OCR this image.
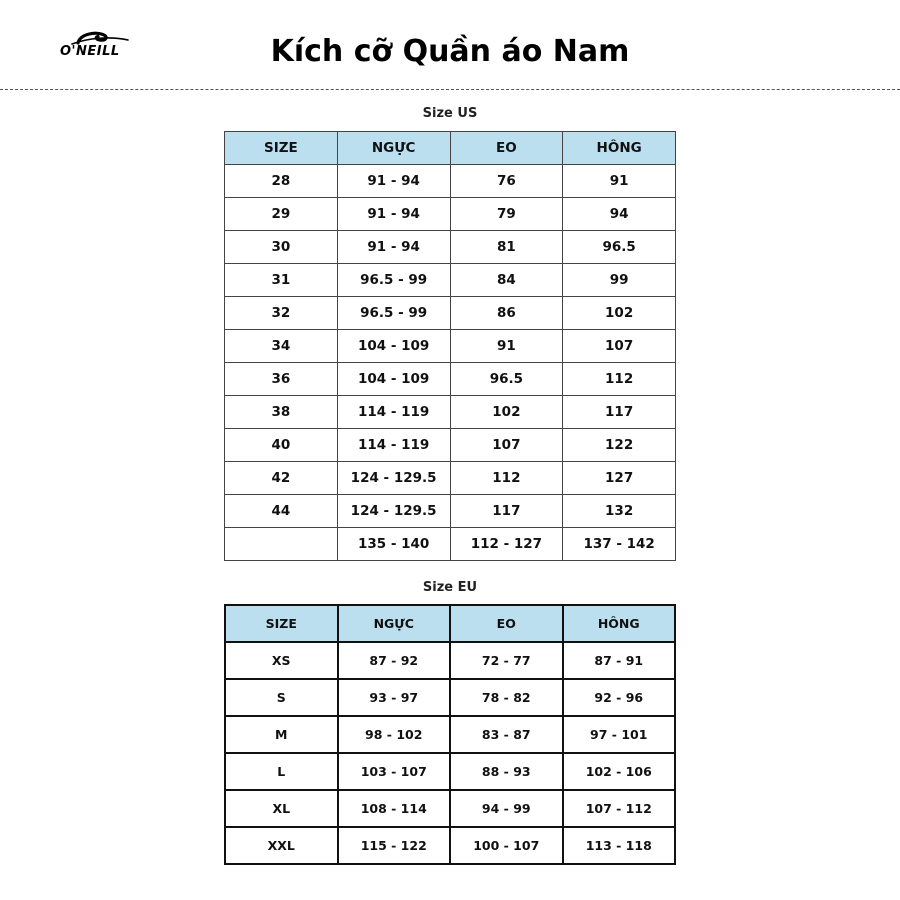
O'NEILL	Kích cỡ Quần áo Nam
Size US
SIZE	NGỰC	EO	HÔNG
28	91 - 94	76	91
29	91 - 94	79	94
30	91 - 94	81	96.5
31	96.5 - 99	84	99
32	96.5 - 99	86	102
34	104 - 109	91	107
36	104 - 109	96.5	112
38	114 - 119	102	117
40	114 - 119	107	122
42	124 - 129.5	112	127
44	124 - 129.5	117	132
	135 - 140	112 - 127	137 - 142
Size EU
SIZE	NGỰC	EO	HÔNG
XS	87 - 92	72 - 77	87 - 91
S	93 - 97	78 - 82	92 - 96
M	98 - 102	83 - 87	97 - 101
L	103 - 107	88 - 93	102 - 106
XL	108 - 114	94 - 99	107 - 112
XXL	115 - 122	100 - 107	113 - 118
